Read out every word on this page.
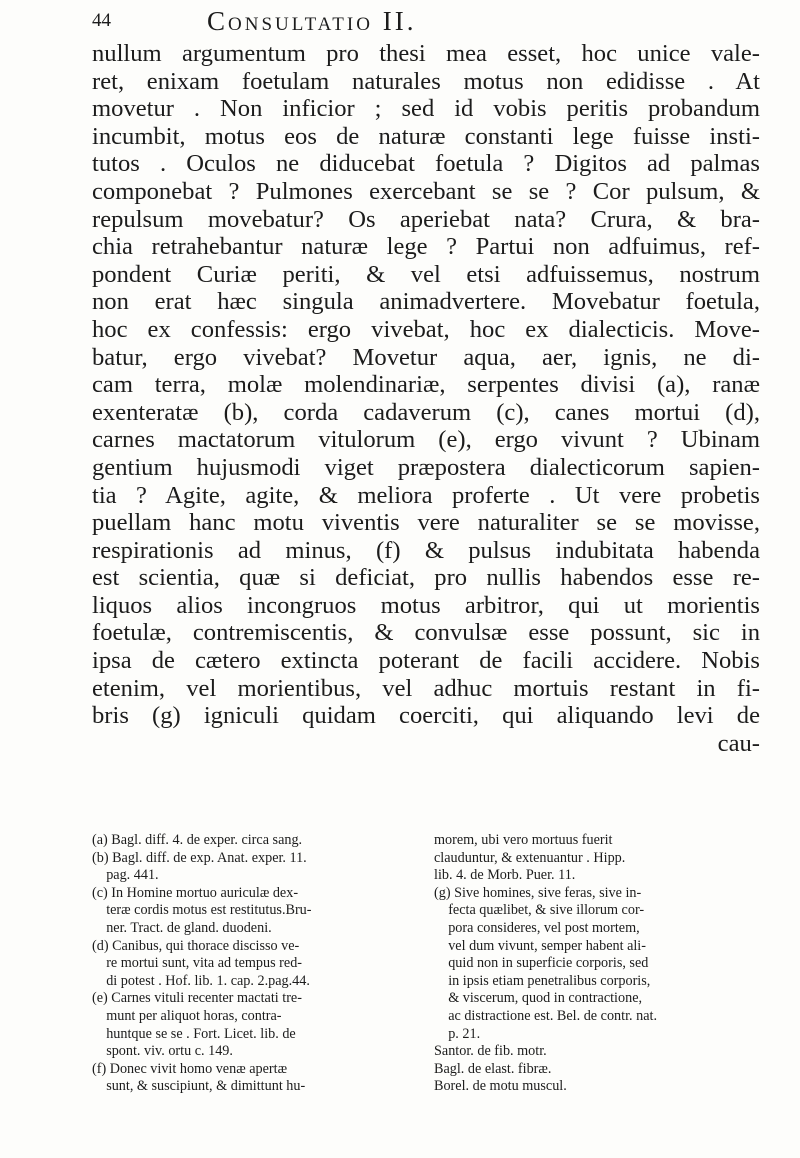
44	Consultatio II.
nullum argumentum pro thesi mea esset, hoc unice vale-
ret, enixam foetulam naturales motus non edidisse . At
movetur . Non inficior ; sed id vobis peritis probandum
incumbit, motus eos de naturæ constanti lege fuisse insti-
tutos . Oculos ne diducebat foetula ? Digitos ad palmas
componebat ? Pulmones exercebant se se ? Cor pulsum, &
repulsum movebatur? Os aperiebat nata? Crura, & bra-
chia retrahebantur naturæ lege ? Partui non adfuimus, ref-
pondent Curiæ periti, & vel etsi adfuissemus, nostrum
non erat hæc singula animadvertere. Movebatur foetula,
hoc ex confessis: ergo vivebat, hoc ex dialecticis. Move-
batur, ergo vivebat? Movetur aqua, aer, ignis, ne di-
cam terra, molæ molendinariæ, serpentes divisi (a), ranæ
exenteratæ (b), corda cadaverum (c), canes mortui (d),
carnes mactatorum vitulorum (e), ergo vivunt ? Ubinam
gentium hujusmodi viget præpostera dialecticorum sapien-
tia ? Agite, agite, & meliora proferte . Ut vere probetis
puellam hanc motu viventis vere naturaliter se se movisse,
respirationis ad minus, (f) & pulsus indubitata habenda
est scientia, quæ si deficiat, pro nullis habendos esse re-
liquos alios incongruos motus arbitror, qui ut morientis
foetulæ, contremiscentis, & convulsæ esse possunt, sic in
ipsa de cætero extincta poterant de facili accidere. Nobis
etenim, vel morientibus, vel adhuc mortuis restant in fi-
bris (g) igniculi quidam coerciti, qui aliquando levi de
cau-
(a) Bagl. diff. 4. de exper. circa sang.
(b) Bagl. diff. de exp. Anat. exper. 11.
pag. 441.
(c) In Homine mortuo auriculæ dex-
teræ cordis motus est restitutus.Bru-
ner. Tract. de gland. duodeni.
(d) Canibus, qui thorace discisso ve-
re mortui sunt, vita ad tempus red-
di potest . Hof. lib. 1. cap. 2.pag.44.
(e) Carnes vituli recenter mactati tre-
munt per aliquot horas, contra-
huntque se se . Fort. Licet. lib. de
spont. viv. ortu c. 149.
(f) Donec vivit homo venæ apertæ
sunt, & suscipiunt, & dimittunt hu-
morem, ubi vero mortuus fuerit
clauduntur, & extenuantur . Hipp.
lib. 4. de Morb. Puer. 11.
(g) Sive homines, sive feras, sive in-
fecta quælibet, & sive illorum cor-
pora consideres, vel post mortem,
vel dum vivunt, semper habent ali-
quid non in superficie corporis, sed
in ipsis etiam penetralibus corporis,
& viscerum, quod in contractione,
ac distractione est. Bel. de contr. nat.
p. 21.
Santor. de fib. motr.
Bagl. de elast. fibræ.
Borel. de motu muscul.
